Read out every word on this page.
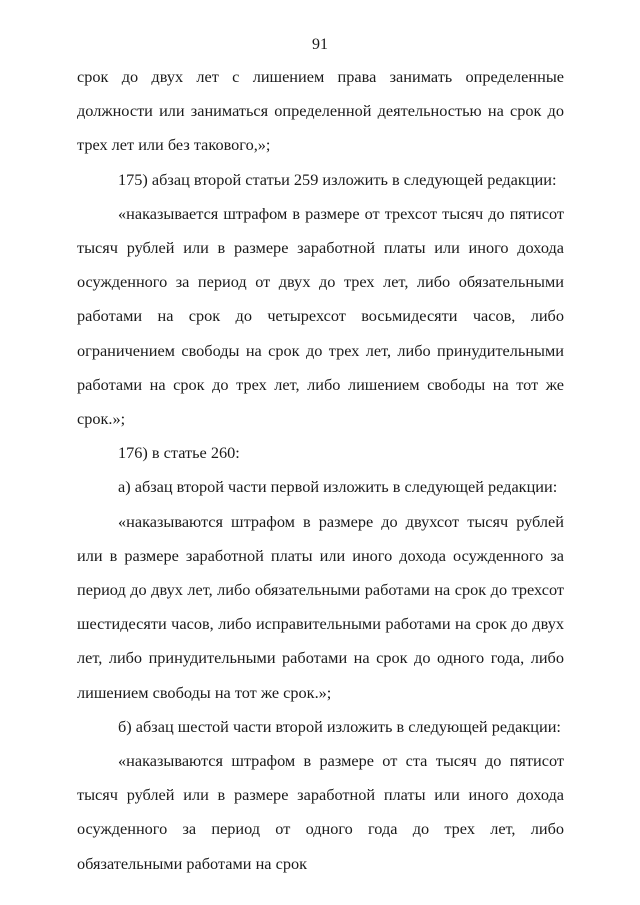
91

срок до двух лет с лишением права занимать определенные должности или заниматься определенной деятельностью на срок до трех лет или без такового,»;

175) абзац второй статьи 259 изложить в следующей редакции:

«наказывается штрафом в размере от трехсот тысяч до пятисот тысяч рублей или в размере заработной платы или иного дохода осужденного за период от двух до трех лет, либо обязательными работами на срок до четырехсот восьмидесяти часов, либо ограничением свободы на срок до трех лет, либо принудительными работами на срок до трех лет, либо лишением свободы на тот же срок.»;

176) в статье 260:

а) абзац второй части первой изложить в следующей редакции:

«наказываются штрафом в размере до двухсот тысяч рублей или в размере заработной платы или иного дохода осужденного за период до двух лет, либо обязательными работами на срок до трехсот шестидесяти часов, либо исправительными работами на срок до двух лет, либо принудительными работами на срок до одного года, либо лишением свободы на тот же срок.»;

б) абзац шестой части второй изложить в следующей редакции:

«наказываются штрафом в размере от ста тысяч до пятисот тысяч рублей или в размере заработной платы или иного дохода осужденного за период от одного года до трех лет, либо обязательными работами на срок
